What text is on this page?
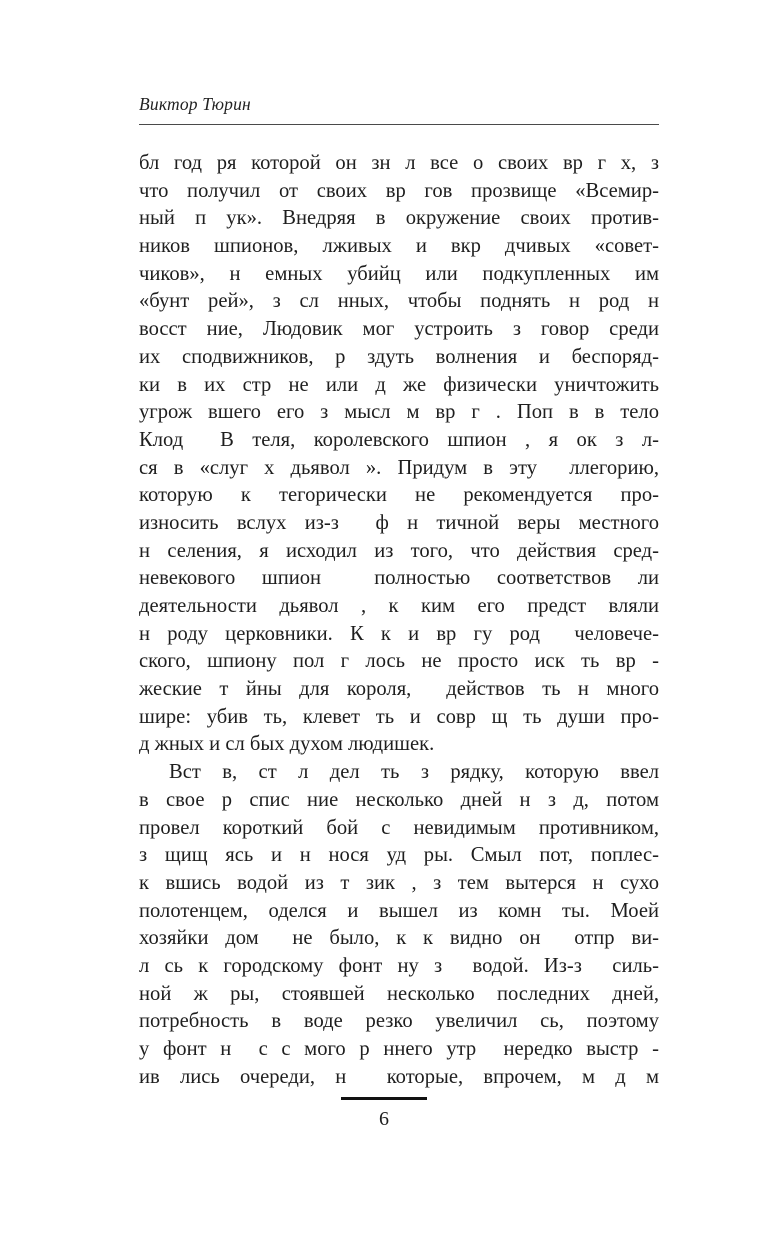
Виктор Тюрин
бл год ря которой он зн л все о своих вр г х, з
что получил от своих вр гов прозвище «Всемир-
ный п ук». Внедряя в окружение своих против-
ников шпионов, лживых и вкр дчивых «совет-
чиков», н емных убийц или подкупленных им
«бунт рей», з сл нных, чтобы поднять н род н
восст ние, Людовик мог устроить з говор среди
их сподвижников, р здуть волнения и беспоряд-
ки в их стр не или д же физически уничтожить
угрож вшего его з мысл м вр г . Поп в в тело
Клод  В теля, королевского шпион , я ок з л-
ся в «слуг х дьявол ». Придум в эту  ллегорию,
которую к тегорически не рекомендуется про-
износить вслух из-з  ф н тичной веры местного
н селения, я исходил из того, что действия сред-
невекового шпион  полностью соответствов ли
деятельности дьявол , к ким его предст вляли
н роду церковники. К к и вр гу род  человече-
ского, шпиону пол г лось не просто иск ть вр -
жеские т йны для короля,  действов ть н много
шире: убив ть, клевет ть и совр щ ть души про-
д жных и сл бых духом людишек.
Вст в, ст л дел ть з рядку, которую ввел
в свое р спис ние несколько дней н з д, потом
провел короткий бой с невидимым противником,
з щищ ясь и н нося уд ры. Смыл пот, поплес-
к вшись водой из т зик , з тем вытерся н сухо
полотенцем, оделся и вышел из комн ты. Моей
хозяйки дом  не было, к к видно он  отпр ви-
л сь к городскому фонт ну з  водой. Из-з  силь-
ной ж ры, стоявшей несколько последних дней,
потребность в воде резко увеличил сь, поэтому
у фонт н  с с мого р ннего утр  нередко выстр -
ив лись очереди, н  которые, впрочем, м д м
6
